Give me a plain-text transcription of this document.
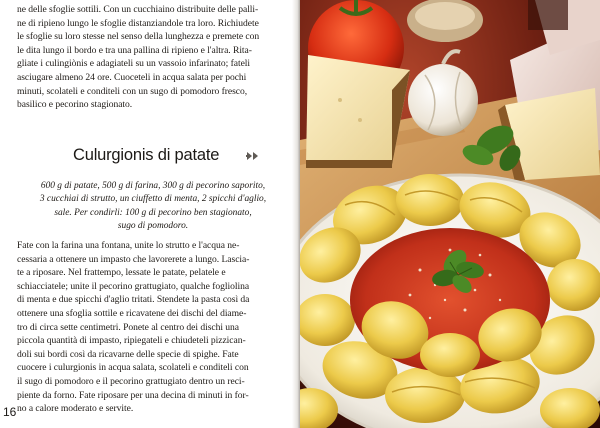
ne delle sfoglie sottili. Con un cucchiaino distribuite delle palli-
ne di ripieno lungo le sfoglie distanziandole tra loro. Richiudete
le sfoglie su loro stesse nel senso della lunghezza e premete con
le dita lungo il bordo e tra una pallina di ripieno e l'altra. Rita-
gliate i culingiònis e adagiateli su un vassoio infarinato; fateli
asciugare almeno 24 ore. Cuoceteli in acqua salata per pochi
minuti, scolateli e conditeli con un sugo di pomodoro fresco,
basilico e pecorino stagionato.
Culurgionis di patate
600 g di patate, 500 g di farina, 300 g di pecorino saporito,
3 cucchiai di strutto, un ciuffetto di menta, 2 spicchi d'aglio,
sale. Per condirli: 100 g di pecorino ben stagionato,
sugo di pomodoro.
Fate con la farina una fontana, unite lo strutto e l'acqua ne-
cessaria a ottenere un impasto che lavorerete a lungo. Lascia-
te a riposare. Nel frattempo, lessate le patate, pelatele e
schiacciatele; unite il pecorino grattugiato, qualche fogliolina
di menta e due spicchi d'aglio tritati. Stendete la pasta così da
ottenere una sfoglia sottile e ricavatene dei dischi del diame-
tro di circa sette centimetri. Ponete al centro dei dischi una
piccola quantità di impasto, ripiegateli e chiudeteli pizzican-
doli sui bordi così da ricavarne delle specie di spighe. Fate
cuocere i culurgionis in acqua salata, scolateli e conditeli con
il sugo di pomodoro e il pecorino grattugiato dentro un reci-
piente da forno. Fate riposare per una decina di minuti in for-
no a calore moderato e servite.
16
